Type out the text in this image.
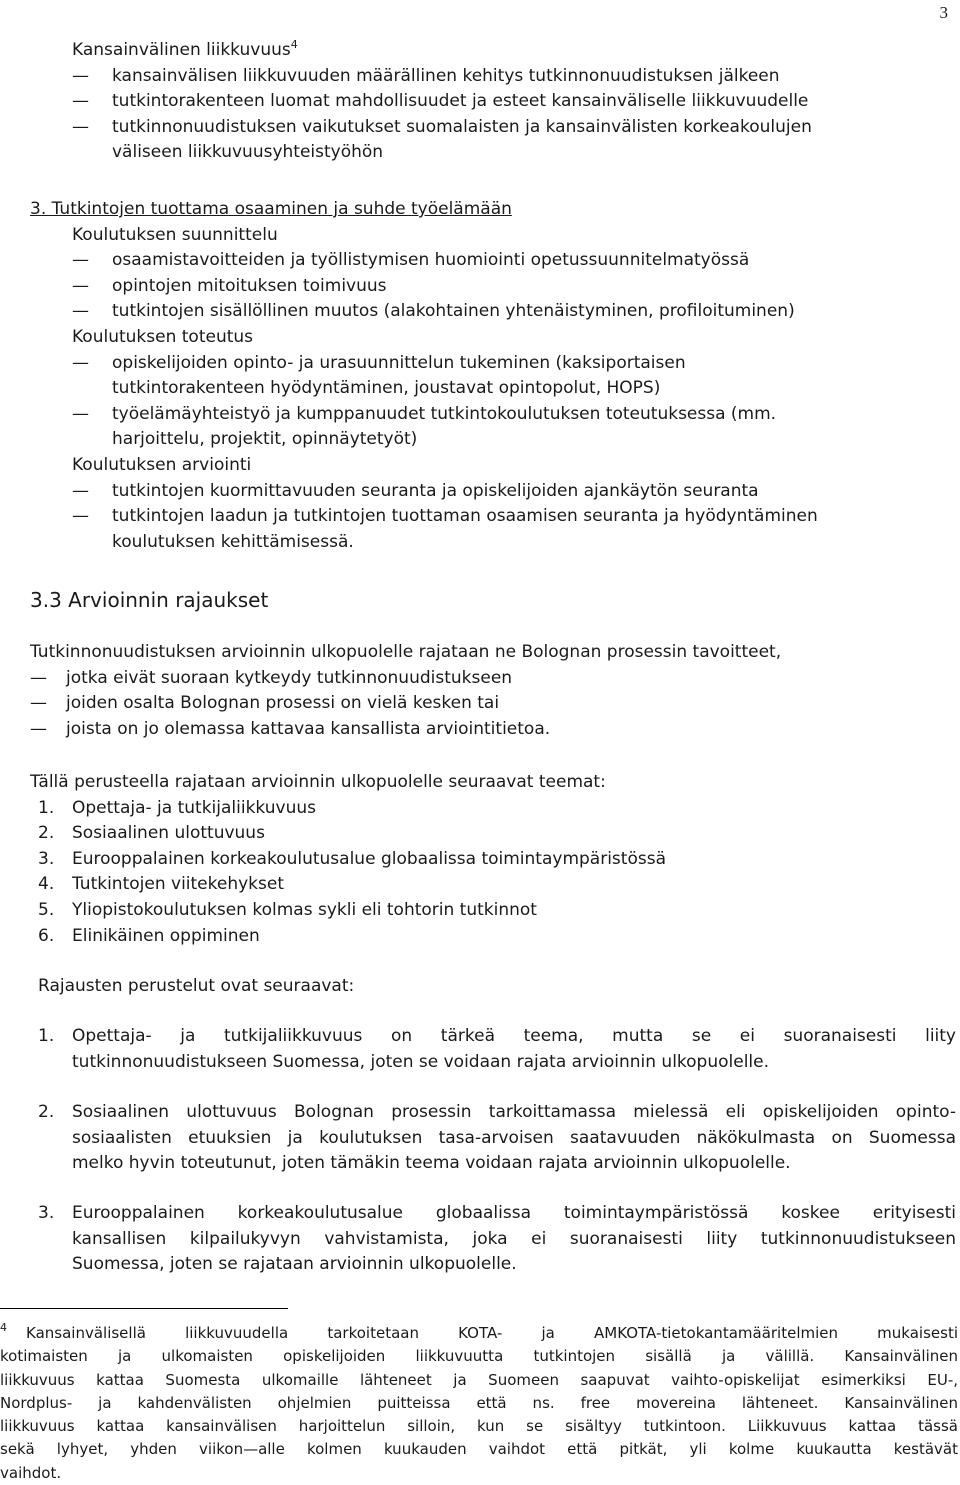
3
Kansainvälinen liikkuvuus$^4$
— kansainvälisen liikkuvuuden määrällinen kehitys tutkinnonuudistuksen jälkeen
— tutkintorakenteen luomat mahdollisuudet ja esteet kansainväliselle liikkuvuudelle
— tutkinnonuudistuksen vaikutukset suomalaisten ja kansainvälisten korkeakoulujen
väliseen liikkuvuusyhteistyöhön
3. Tutkintojen tuottama osaaminen ja suhde työelämään
Koulutuksen suunnittelu
— osaamistavoitteiden ja työllistymisen huomiointi opetussuunnitelmatyössä
— opintojen mitoituksen toimivuus
— tutkintojen sisällöllinen muutos (alakohtainen yhtenäistyminen, profiloituminen)
Koulutuksen toteutus
— opiskelijoiden opinto- ja urasuunnittelun tukeminen (kaksiportaisen
tutkintorakenteen hyödyntäminen, joustavat opintopolut, HOPS)
— työelämäyhteistyö ja kumppanuudet tutkintokoulutuksen toteutuksessa (mm.
harjoittelu, projektit, opinnäytetyöt)
Koulutuksen arviointi
— tutkintojen kuormittavuuden seuranta ja opiskelijoiden ajankäytön seuranta
— tutkintojen laadun ja tutkintojen tuottaman osaamisen seuranta ja hyödyntäminen
koulutuksen kehittämisessä.
3.3 Arvioinnin rajaukset
Tutkinnonuudistuksen arvioinnin ulkopuolelle rajataan ne Bolognan prosessin tavoitteet,
— jotka eivät suoraan kytkeydy tutkinnonuudistukseen
— joiden osalta Bolognan prosessi on vielä kesken tai
— joista on jo olemassa kattavaa kansallista arviointitietoa.
Tällä perusteella rajataan arvioinnin ulkopuolelle seuraavat teemat:
1. Opettaja- ja tutkijaliikkuvuus
2. Sosiaalinen ulottuvuus
3. Eurooppalainen korkeakoulutusalue globaalissa toimintaympäristössä
4. Tutkintojen viitekehykset
5. Yliopistokoulutuksen kolmas sykli eli tohtorin tutkinnot
6. Elinikäinen oppiminen
Rajausten perustelut ovat seuraavat:
1. Opettaja- ja tutkijaliikkuvuus on tärkeä teema, mutta se ei suoranaisesti liity
tutkinnonuudistukseen Suomessa, joten se voidaan rajata arvioinnin ulkopuolelle.
2. Sosiaalinen ulottuvuus Bolognan prosessin tarkoittamassa mielessä eli opiskelijoiden opinto-
sosiaalisten etuuksien ja koulutuksen tasa-arvoisen saatavuuden näkökulmasta on Suomessa
melko hyvin toteutunut, joten tämäkin teema voidaan rajata arvioinnin ulkopuolelle.
3. Eurooppalainen korkeakoulutusalue globaalissa toimintaympäristössä koskee erityisesti
kansallisen kilpailukyvyn vahvistamista, joka ei suoranaisesti liity tutkinnonuudistukseen
Suomessa, joten se rajataan arvioinnin ulkopuolelle.
4	Kansainvälisellä liikkuvuudella tarkoitetaan KOTA- ja AMKOTA-tietokantamääritelmien mukaisesti
kotimaisten ja ulkomaisten opiskelijoiden liikkuvuutta tutkintojen sisällä ja välillä. Kansainvälinen
liikkuvuus kattaa Suomesta ulkomaille lähteneet ja Suomeen saapuvat vaihto-opiskelijat esimerkiksi EU-,
Nordplus- ja kahdenvälisten ohjelmien puitteissa että ns. free movereina lähteneet. Kansainvälinen
liikkuvuus kattaa kansainvälisen harjoittelun silloin, kun se sisältyy tutkintoon. Liikkuvuus kattaa tässä
sekä lyhyet, yhden viikon—alle kolmen kuukauden vaihdot että pitkät, yli kolme kuukautta kestävät
vaihdot.
